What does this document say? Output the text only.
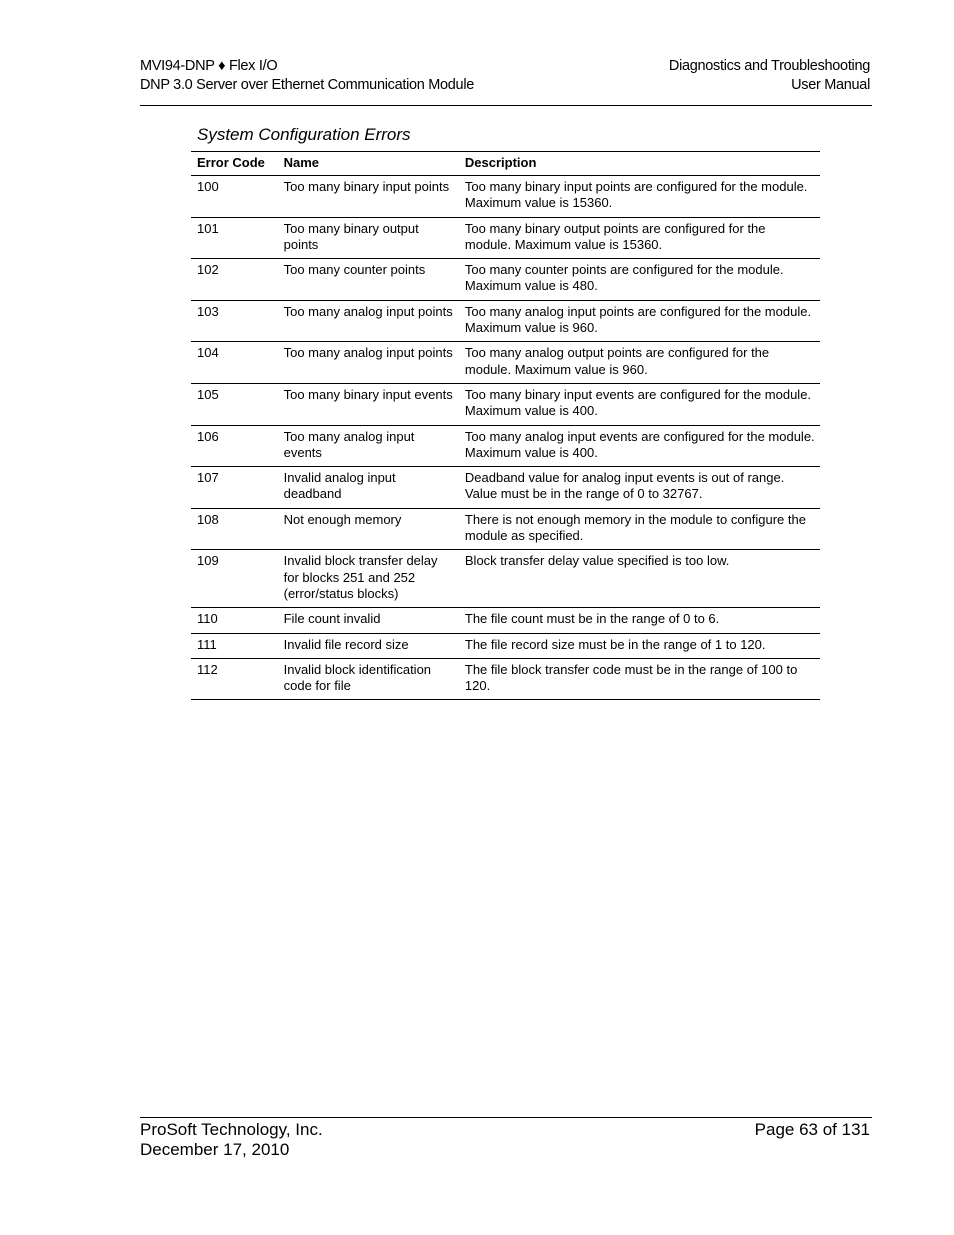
MVI94-DNP ♦ Flex I/O
DNP 3.0 Server over Ethernet Communication Module
Diagnostics and Troubleshooting
User Manual
System Configuration Errors
Error Code	Name	Description
100	Too many binary input points	Too many binary input points are configured for the module. Maximum value is 15360.
101	Too many binary output points	Too many binary output points are configured for the module. Maximum value is 15360.
102	Too many counter points	Too many counter points are configured for the module. Maximum value is 480.
103	Too many analog input points	Too many analog input points are configured for the module. Maximum value is 960.
104	Too many analog input points	Too many analog output points are configured for the module. Maximum value is 960.
105	Too many binary input events	Too many binary input events are configured for the module. Maximum value is 400.
106	Too many analog input events	Too many analog input events are configured for the module. Maximum value is 400.
107	Invalid analog input deadband	Deadband value for analog input events is out of range. Value must be in the range of 0 to 32767.
108	Not enough memory	There is not enough memory in the module to configure the module as specified.
109	Invalid block transfer delay for blocks 251 and 252 (error/status blocks)	Block transfer delay value specified is too low.
110	File count invalid	The file count must be in the range of 0 to 6.
111	Invalid file record size	The file record size must be in the range of 1 to 120.
112	Invalid block identification code for file	The file block transfer code must be in the range of 100 to 120.
ProSoft Technology, Inc.
December 17, 2010
Page 63 of 131
